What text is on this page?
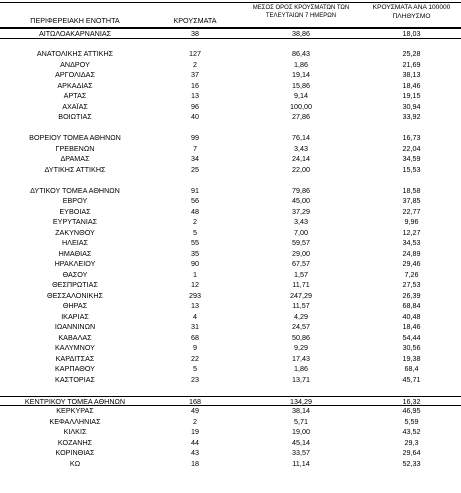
ΠΕΡΙΦΕΡΕΙΑΚΗ ΕΝΟΤΗΤΑ	ΚΡΟΥΣΜΑΤΑ
ΜΕΣΟΣ ΟΡΟΣ ΚΡΟΥΣΜΑΤΩΝ ΤΩΝ
ΤΕΛΕΥΤΑΙΩΝ 7 ΗΜΕΡΩΝ
ΚΡΟΥΣΜΑΤΑ ΑΝΑ 100000
ΠΛΗΘΥΣΜΟ
ΑΙΤΩΛΟΑΚΑΡΝΑΝΙΑΣ	38	38,86	18,03
ΑΝΑΤΟΛΙΚΗΣ ΑΤΤΙΚΗΣ	127	86,43	25,28
ΑΝΔΡΟΥ	2	1,86	21,69
ΑΡΓΟΛΙΔΑΣ	37	19,14	38,13
ΑΡΚΑΔΙΑΣ	16	15,86	18,46
ΑΡΤΑΣ	13	9,14	19,15
ΑΧΑΪΑΣ	96	100,00	30,94
ΒΟΙΩΤΙΑΣ	40	27,86	33,92
ΒΟΡΕΙΟΥ ΤΟΜΕΑ ΑΘΗΝΩΝ	99	76,14	16,73
ΓΡΕΒΕΝΩΝ	7	3,43	22,04
ΔΡΑΜΑΣ	34	24,14	34,59
ΔΥΤΙΚΗΣ ΑΤΤΙΚΗΣ	25	22,00	15,53
ΔΥΤΙΚΟΥ ΤΟΜΕΑ ΑΘΗΝΩΝ	91	79,86	18,58
ΕΒΡΟΥ	56	45,00	37,85
ΕΥΒΟΙΑΣ	48	37,29	22,77
ΕΥΡΥΤΑΝΙΑΣ	2	3,43	9,96
ΖΑΚΥΝΘΟΥ	5	7,00	12,27
ΗΛΕΙΑΣ	55	59,57	34,53
ΗΜΑΘΙΑΣ	35	29,00	24,89
ΗΡΑΚΛΕΙΟΥ	90	67,57	29,46
ΘΑΣΟΥ	1	1,57	7,26
ΘΕΣΠΡΩΤΙΑΣ	12	11,71	27,53
ΘΕΣΣΑΛΟΝΙΚΗΣ	293	247,29	26,39
ΘΗΡΑΣ	13	11,57	68,84
ΙΚΑΡΙΑΣ	4	4,29	40,48
ΙΩΑΝΝΙΝΩΝ	31	24,57	18,46
ΚΑΒΑΛΑΣ	68	50,86	54,44
ΚΑΛΥΜΝΟΥ	9	9,29	30,56
ΚΑΡΔΙΤΣΑΣ	22	17,43	19,38
ΚΑΡΠΑΘΟΥ	5	1,86	68,4
ΚΑΣΤΟΡΙΑΣ	23	13,71	45,71
ΚΕΝΤΡΙΚΟΥ ΤΟΜΕΑ ΑΘΗΝΩΝ	168	134,29	16,32
ΚΕΡΚΥΡΑΣ	49	38,14	46,95
ΚΕΦΑΛΛΗΝΙΑΣ	2	5,71	5,59
ΚΙΛΚΙΣ	19	19,00	43,52
ΚΟΖΑΝΗΣ	44	45,14	29,3
ΚΟΡΙΝΘΙΑΣ	43	33,57	29,64
ΚΩ	18	11,14	52,33
